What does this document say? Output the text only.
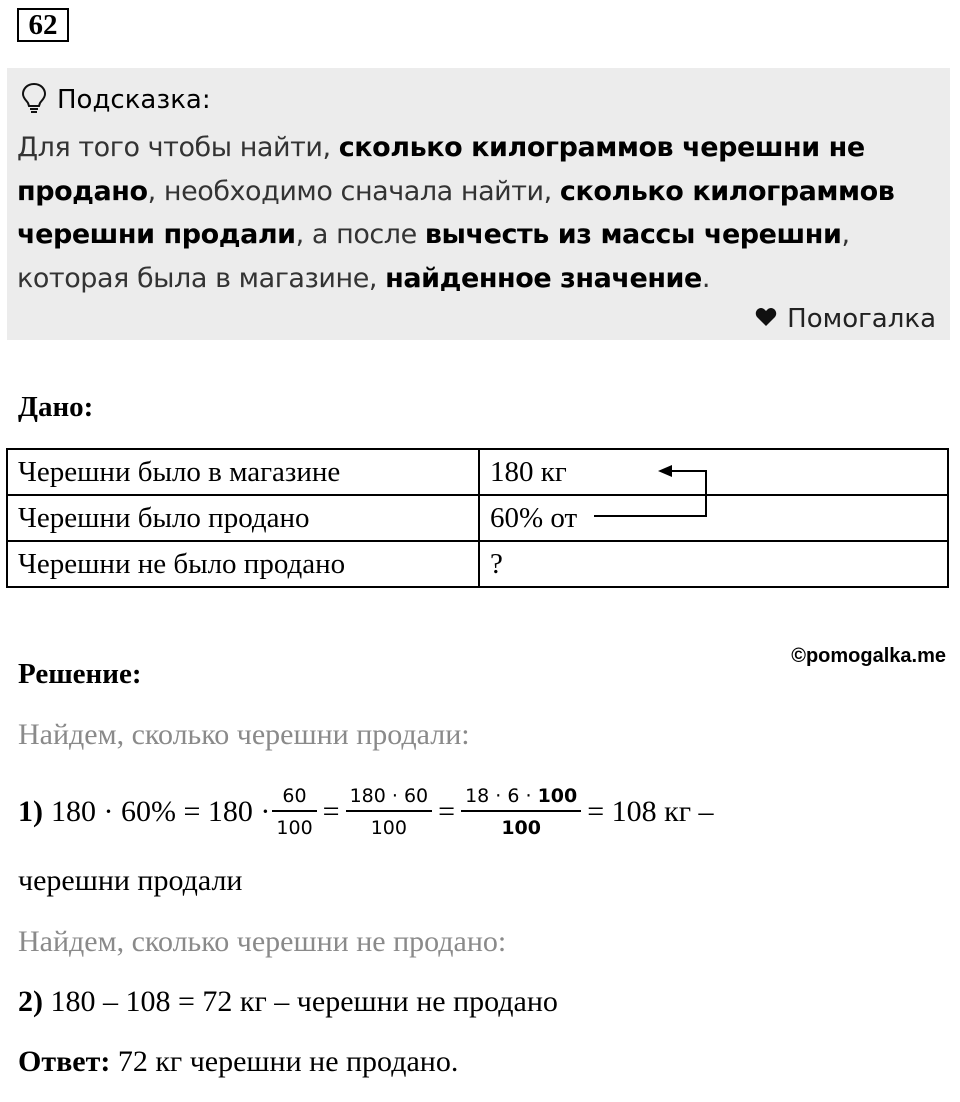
62
Подсказка:
Для того чтобы найти, сколько килограммов черешни не продано, необходимо сначала найти, сколько килограммов черешни продали, а после вычесть из массы черешни, которая была в магазине, найденное значение.
Помогалка
Дано:
Черешни было в магазине	180 кг
Черешни было продано	60% от
Черешни не было продано	?
©pomogalka.me
Решение:
Найдем, сколько черешни продали:
1) $180 \cdot 60\% = 180 \cdot \frac{60}{100} = \frac{180 \cdot 60}{100} = \frac{18 \cdot 6 \cdot 100}{100} = 108$ кг –
черешни продали
Найдем, сколько черешни не продано:
2) 180 – 108 = 72 кг – черешни не продано
Ответ: 72 кг черешни не продано.
